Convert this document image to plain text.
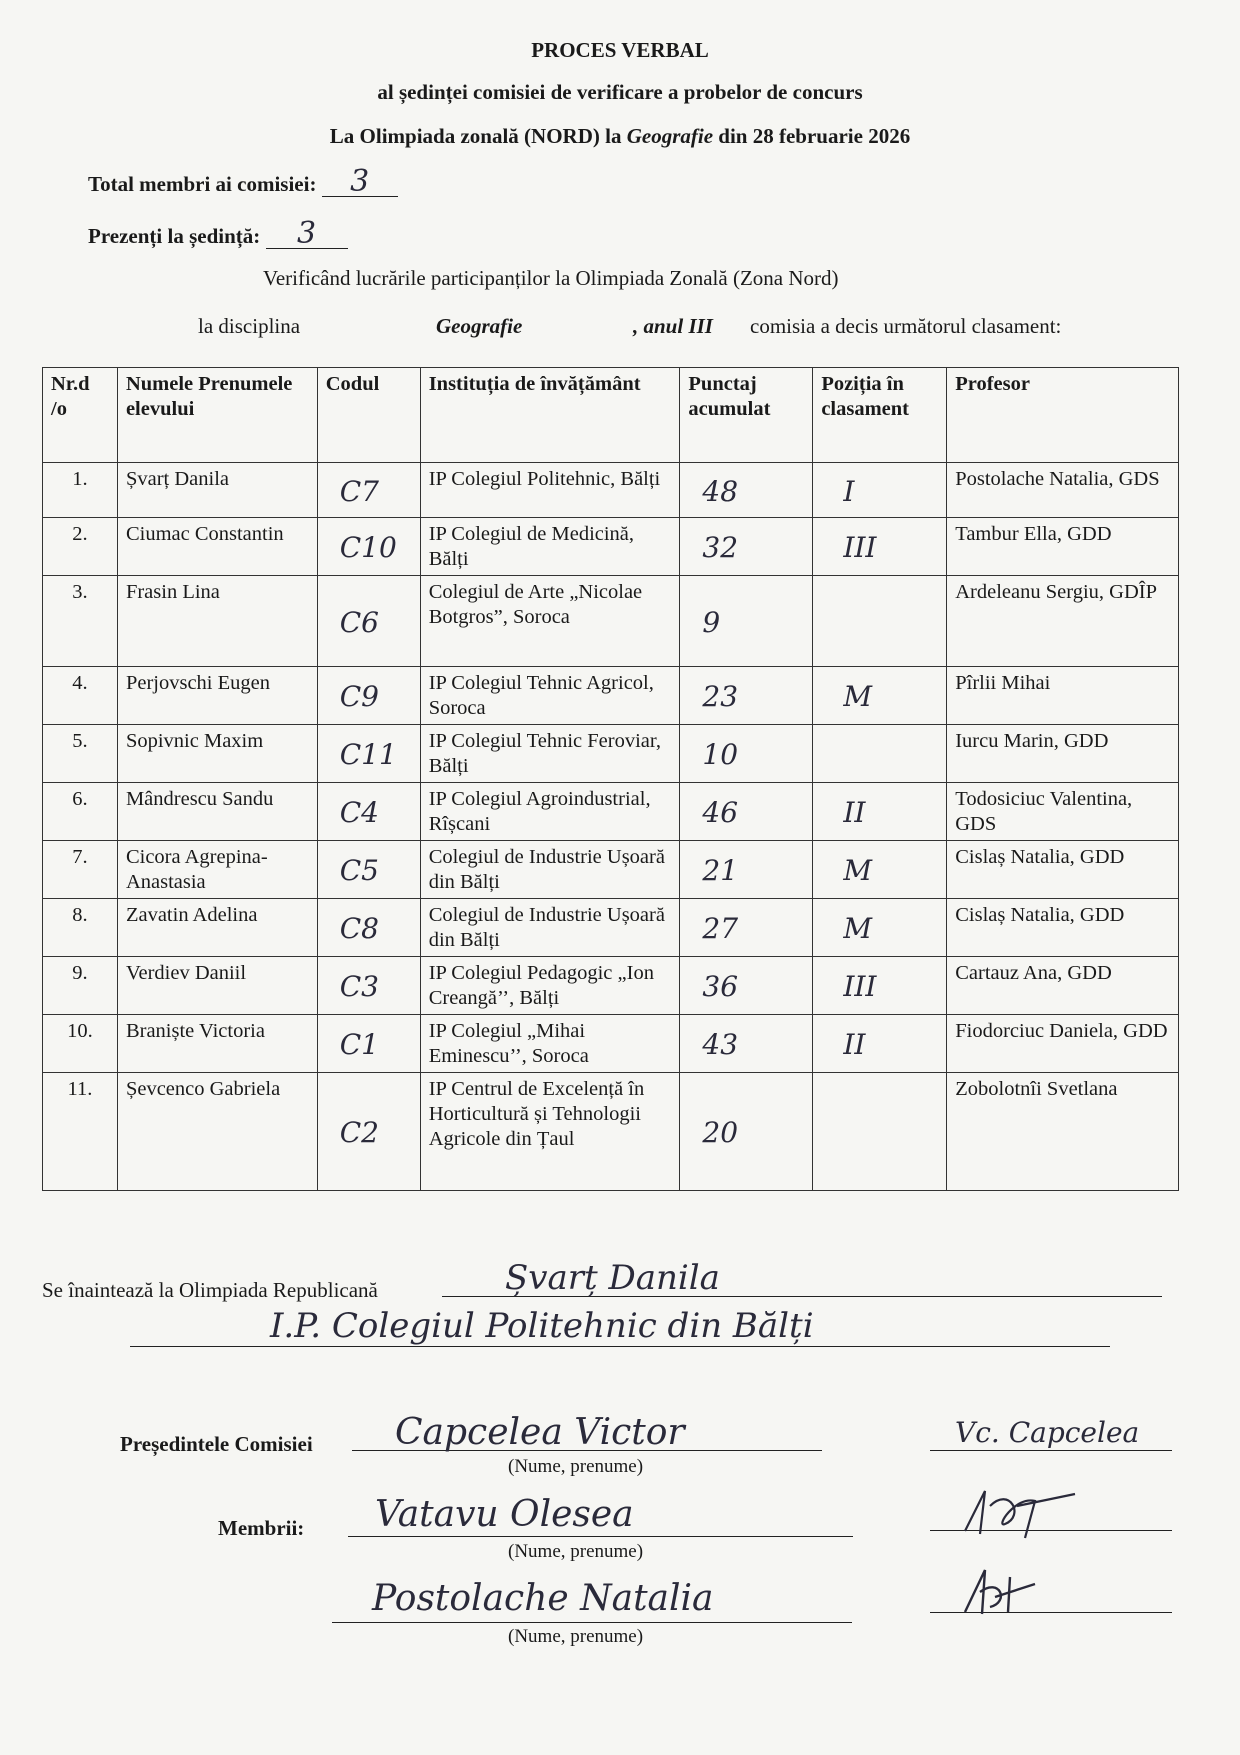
PROCES VERBAL
al ședinței comisiei de verificare a probelor de concurs
La Olimpiada zonală (NORD) la Geografie din 28 februarie 2026
Total membri ai comisiei: 3
Prezenți la ședință: 3
Verificând lucrările participanților la Olimpiada Zonală (Zona Nord)
la disciplina	Geografie	, anul III comisia a decis următorul clasament:
Nr.d /o	Numele Prenumele elevului	Codul	Instituția de învățământ	Punctaj acumulat	Poziția în clasament	Profesor
1.	Șvarț Danila	C7	IP Colegiul Politehnic, Bălți	48	I	Postolache Natalia, GDS
2.	Ciumac Constantin	C10	IP Colegiul de Medicină, Bălți	32	III	Tambur Ella, GDD
3.	Frasin Lina	C6	Colegiul de Arte „Nicolae Botgros”, Soroca	9		Ardeleanu Sergiu, GDÎP
4.	Perjovschi Eugen	C9	IP Colegiul Tehnic Agricol, Soroca	23	M	Pîrlii Mihai
5.	Sopivnic Maxim	C11	IP Colegiul Tehnic Feroviar, Bălți	10		Iurcu Marin, GDD
6.	Mândrescu Sandu	C4	IP Colegiul Agroindustrial, Rîșcani	46	II	Todosiciuc Valentina, GDS
7.	Cicora Agrepina-Anastasia	C5	Colegiul de Industrie Ușoară din Bălți	21	M	Cislaș Natalia, GDD
8.	Zavatin Adelina	C8	Colegiul de Industrie Ușoară din Bălți	27	M	Cislaș Natalia, GDD
9.	Verdiev Daniil	C3	IP Colegiul Pedagogic „Ion Creangă’’, Bălți	36	III	Cartauz Ana, GDD
10.	Braniște Victoria	C1	IP Colegiul „Mihai Eminescu’’, Soroca	43	II	Fiodorciuc Daniela, GDD
11.	Șevcenco Gabriela	C2	IP Centrul de Excelență în Horticultură și Tehnologii Agricole din Țaul	20		Zobolotnîi Svetlana
Se înaintează la Olimpiada Republicană	Șvarț Danila
I.P. Colegiul Politehnic din Bălți
Președintele Comisiei Capcelea Victor
(Nume, prenume)
Vc. Capcelea
Membrii: Vatavu Olesea
(Nume, prenume)
Postolache Natalia
(Nume, prenume)
